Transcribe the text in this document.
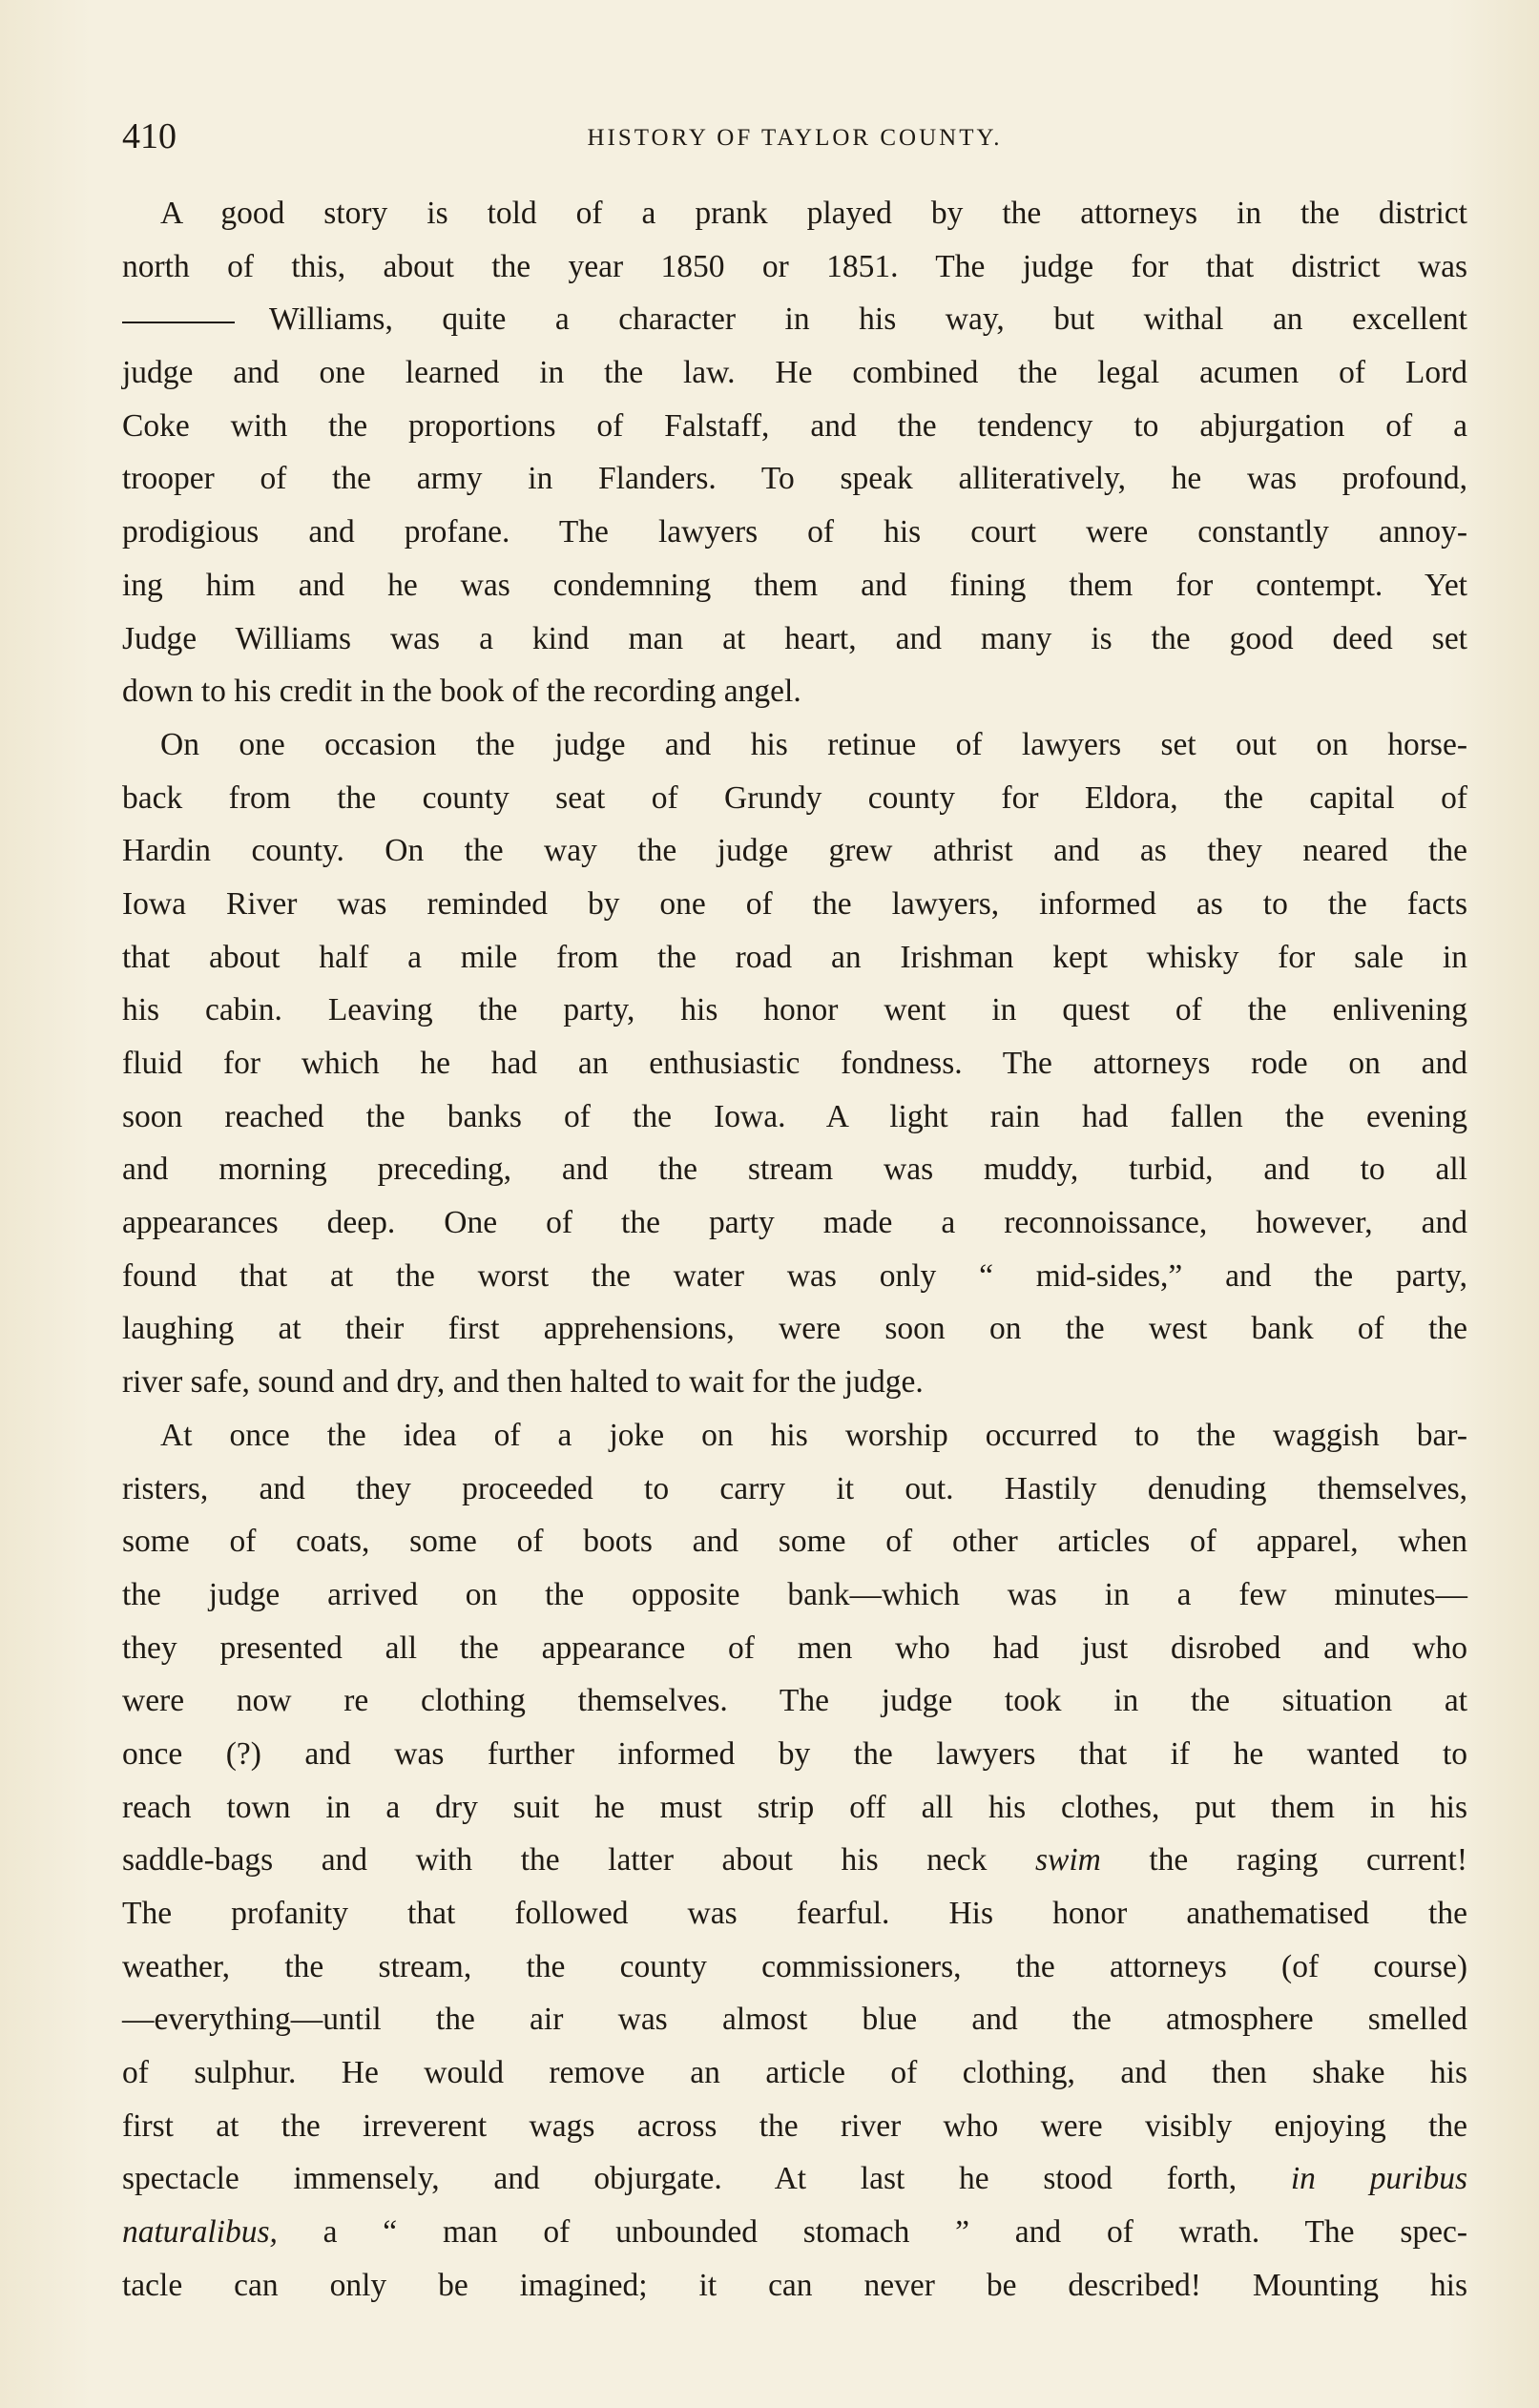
410	HISTORY OF TAYLOR COUNTY.

A good story is told of a prank played by the attorneys in the district
north of this, about the year 1850 or 1851. The judge for that district was
Williams, quite a character in his way, but withal an excellent
judge and one learned in the law. He combined the legal acumen of Lord
Coke with the proportions of Falstaff, and the tendency to abjurgation of a
trooper of the army in Flanders. To speak alliteratively, he was profound,
prodigious and profane. The lawyers of his court were constantly annoy-
ing him and he was condemning them and fining them for contempt. Yet
Judge Williams was a kind man at heart, and many is the good deed set
down to his credit in the book of the recording angel.

On one occasion the judge and his retinue of lawyers set out on horse-
back from the county seat of Grundy county for Eldora, the capital of
Hardin county. On the way the judge grew athrist and as they neared the
Iowa River was reminded by one of the lawyers, informed as to the facts
that about half a mile from the road an Irishman kept whisky for sale in
his cabin. Leaving the party, his honor went in quest of the enlivening
fluid for which he had an enthusiastic fondness. The attorneys rode on and
soon reached the banks of the Iowa. A light rain had fallen the evening
and morning preceding, and the stream was muddy, turbid, and to all
appearances deep. One of the party made a reconnoissance, however, and
found that at the worst the water was only “ mid-sides,” and the party,
laughing at their first apprehensions, were soon on the west bank of the
river safe, sound and dry, and then halted to wait for the judge.

At once the idea of a joke on his worship occurred to the waggish bar-
risters, and they proceeded to carry it out. Hastily denuding themselves,
some of coats, some of boots and some of other articles of apparel, when
the judge arrived on the opposite bank—which was in a few minutes—
they presented all the appearance of men who had just disrobed and who
were now re clothing themselves. The judge took in the situation at
once (?) and was further informed by the lawyers that if he wanted to
reach town in a dry suit he must strip off all his clothes, put them in his
saddle-bags and with the latter about his neck swim the raging current!
The profanity that followed was fearful. His honor anathematised the
weather, the stream, the county commissioners, the attorneys (of course)
—everything—until the air was almost blue and the atmosphere smelled
of sulphur. He would remove an article of clothing, and then shake his
first at the irreverent wags across the river who were visibly enjoying the
spectacle immensely, and objurgate. At last he stood forth, in puribus
naturalibus, a “ man of unbounded stomach ” and of wrath. The spec-
tacle can only be imagined; it can never be described! Mounting his
